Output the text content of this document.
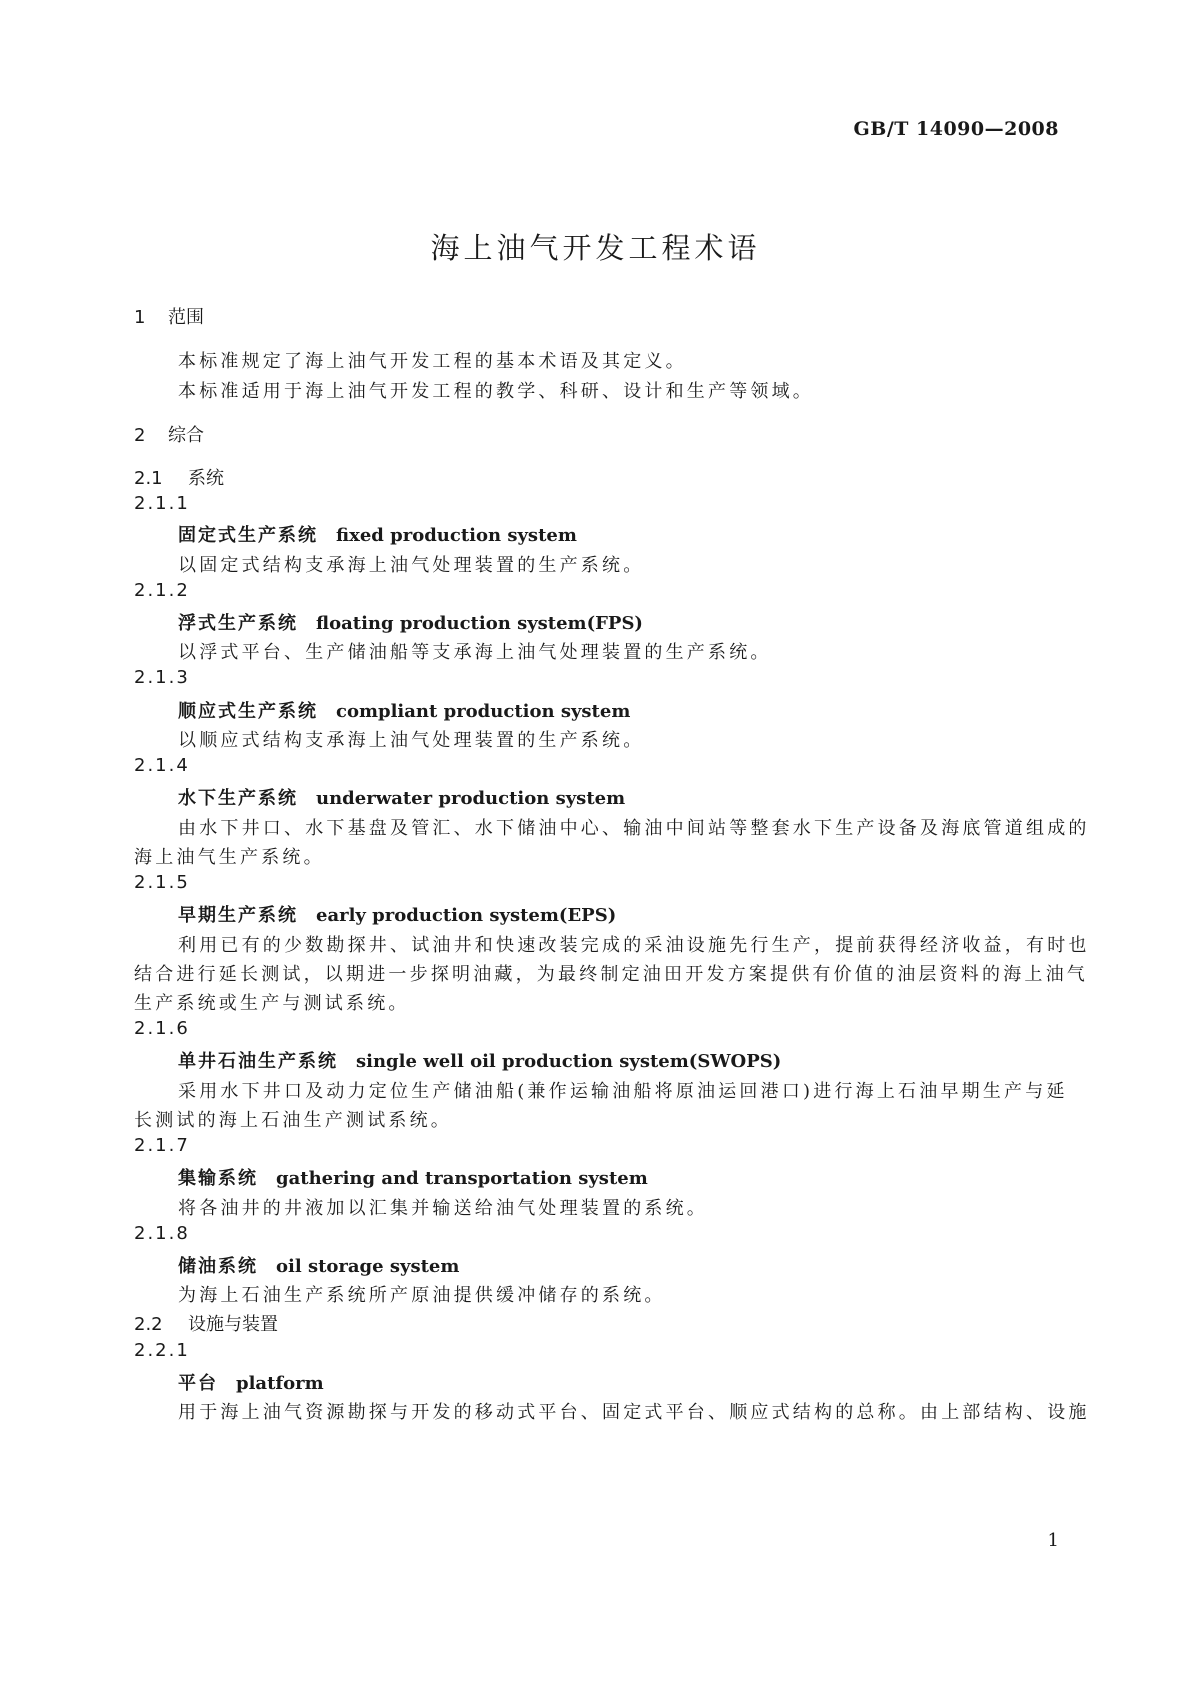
GB/T 14090—2008
海上油气开发工程术语
1 范围
本标准规定了海上油气开发工程的基本术语及其定义。
本标准适用于海上油气开发工程的教学、科研、设计和生产等领域。
2 综合
2.1 系统
2.1.1
固定式生产系统 fixed production system
以固定式结构支承海上油气处理装置的生产系统。
2.1.2
浮式生产系统 floating production system(FPS)
以浮式平台、生产储油船等支承海上油气处理装置的生产系统。
2.1.3
顺应式生产系统 compliant production system
以顺应式结构支承海上油气处理装置的生产系统。
2.1.4
水下生产系统 underwater production system
由水下井口、水下基盘及管汇、水下储油中心、输油中间站等整套水下生产设备及海底管道组成的
海上油气生产系统。
2.1.5
早期生产系统 early production system(EPS)
利用已有的少数勘探井、试油井和快速改装完成的采油设施先行生产，提前获得经济收益，有时也
结合进行延长测试，以期进一步探明油藏，为最终制定油田开发方案提供有价值的油层资料的海上油气
生产系统或生产与测试系统。
2.1.6
单井石油生产系统 single well oil production system(SWOPS)
采用水下井口及动力定位生产储油船(兼作运输油船将原油运回港口)进行海上石油早期生产与延
长测试的海上石油生产测试系统。
2.1.7
集输系统 gathering and transportation system
将各油井的井液加以汇集并输送给油气处理装置的系统。
2.1.8
储油系统 oil storage system
为海上石油生产系统所产原油提供缓冲储存的系统。
2.2 设施与装置
2.2.1
平台 platform
用于海上油气资源勘探与开发的移动式平台、固定式平台、顺应式结构的总称。由上部结构、设施
1
